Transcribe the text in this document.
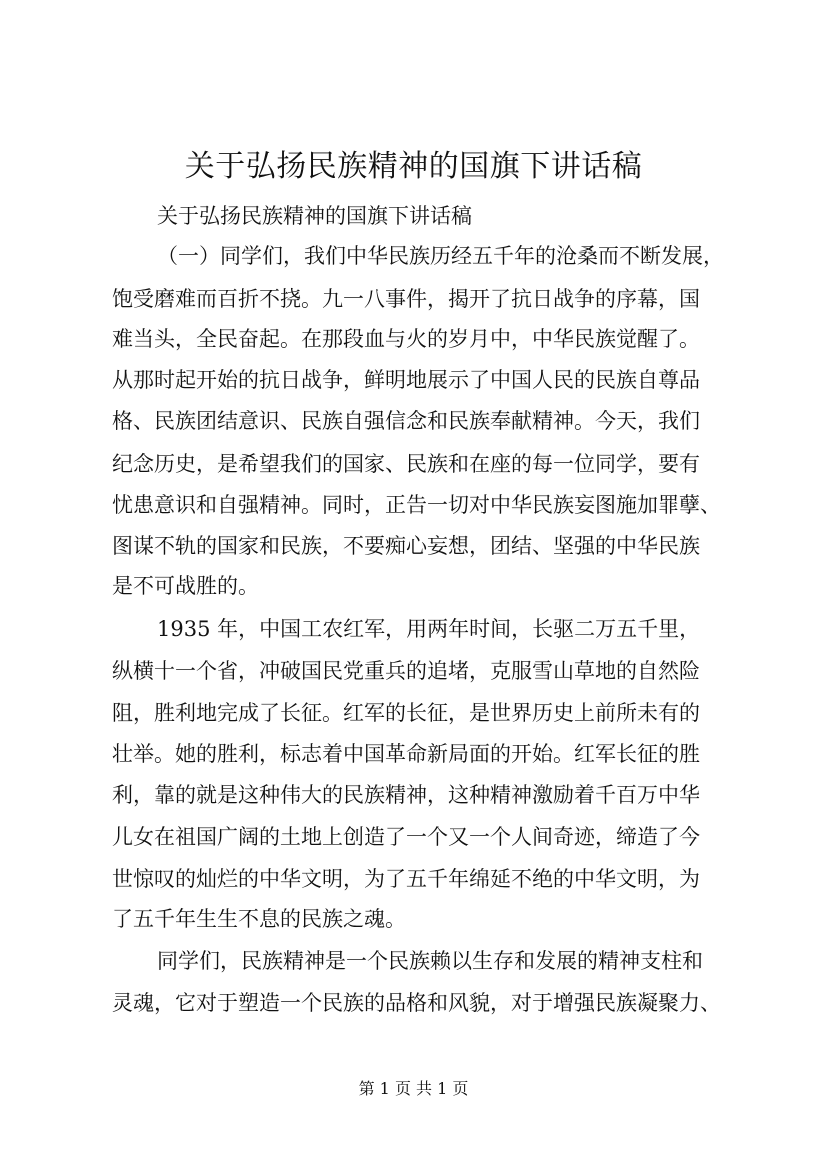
关于弘扬民族精神的国旗下讲话稿
关于弘扬民族精神的国旗下讲话稿
（一）同学们，我们中华民族历经五千年的沧桑而不断发展，
饱受磨难而百折不挠。九一八事件，揭开了抗日战争的序幕，国
难当头，全民奋起。在那段血与火的岁月中，中华民族觉醒了。
从那时起开始的抗日战争，鲜明地展示了中国人民的民族自尊品
格、民族团结意识、民族自强信念和民族奉献精神。今天，我们
纪念历史，是希望我们的国家、民族和在座的每一位同学，要有
忧患意识和自强精神。同时，正告一切对中华民族妄图施加罪孽、
图谋不轨的国家和民族，不要痴心妄想，团结、坚强的中华民族
是不可战胜的。
1935 年，中国工农红军，用两年时间，长驱二万五千里，
纵横十一个省，冲破国民党重兵的追堵，克服雪山草地的自然险
阻，胜利地完成了长征。红军的长征，是世界历史上前所未有的
壮举。她的胜利，标志着中国革命新局面的开始。红军长征的胜
利，靠的就是这种伟大的民族精神，这种精神激励着千百万中华
儿女在祖国广阔的土地上创造了一个又一个人间奇迹，缔造了今
世惊叹的灿烂的中华文明，为了五千年绵延不绝的中华文明，为
了五千年生生不息的民族之魂。
同学们，民族精神是一个民族赖以生存和发展的精神支柱和
灵魂，它对于塑造一个民族的品格和风貌，对于增强民族凝聚力、
第 1 页 共 1 页
